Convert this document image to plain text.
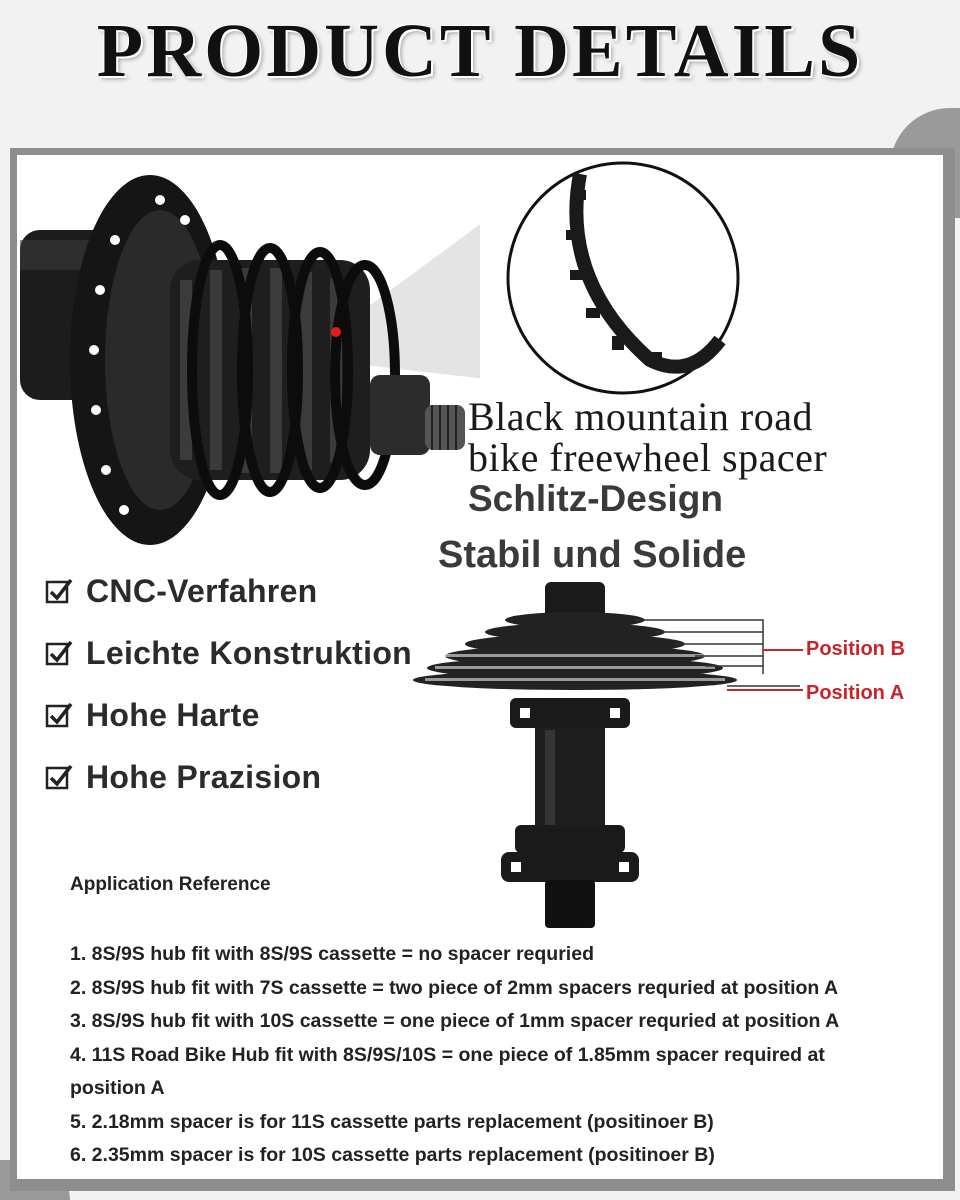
PRODUCT DETAILS
Black mountain road
bike freewheel spacer
Schlitz-Design
Stabil und Solide
CNC-Verfahren
Leichte Konstruktion
Hohe Harte
Hohe Prazision
Position B
Position A
Application Reference
1. 8S/9S hub fit with 8S/9S cassette = no spacer requried
2. 8S/9S hub fit with 7S cassette = two piece of 2mm spacers requried at position A
3. 8S/9S hub fit with 10S cassette = one piece of 1mm spacer requried at position A
4. 11S Road Bike Hub fit with 8S/9S/10S = one piece of 1.85mm spacer required at
position A
5. 2.18mm spacer is for 11S cassette parts replacement (positinoer B)
6. 2.35mm spacer is for 10S cassette parts replacement (positinoer B)
